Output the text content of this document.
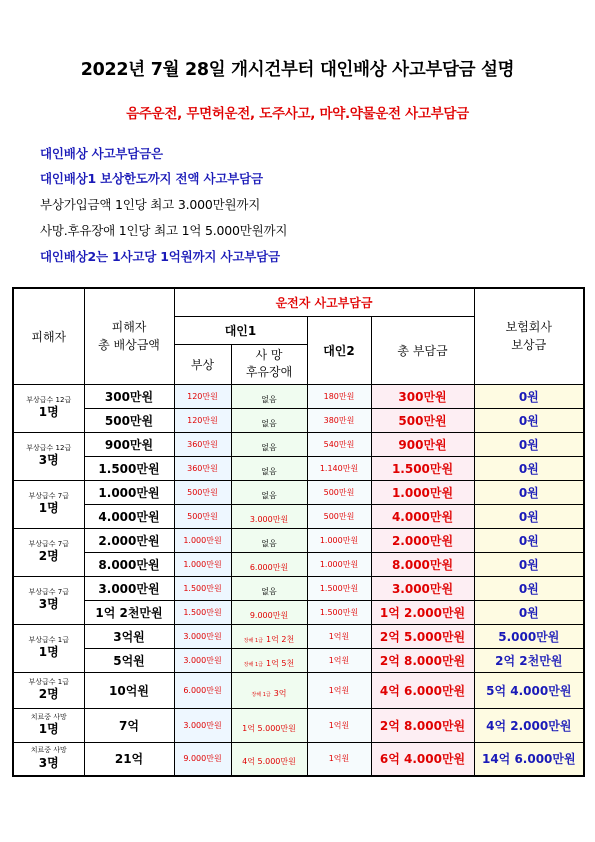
2022년 7월 28일 개시건부터 대인배상 사고부담금 설명
음주운전, 무면허운전, 도주사고, 마약.약물운전 사고부담금
대인배상 사고부담금은
대인배상1 보상한도까지 전액 사고부담금
부상가입금액 1인당 최고 3.000만원까지
사망.후유장애 1인당 최고 1억 5.000만원까지
대인배상2는 1사고당 1억원까지 사고부담금
피해자	피해자
총 배상금액	운전자 사고부담금				보험회사
보상금
		대인1		대인2	총 부담금	
		부상	사 망
후유장애			
부상급수 12급
1명	300만원	120만원	없음	180만원	300만원	0원
	500만원	120만원	없음	380만원	500만원	0원
부상급수 12급
3명	900만원	360만원	없음	540만원	900만원	0원
	1.500만원	360만원	없음	1.140만원	1.500만원	0원
부상급수 7급
1명	1.000만원	500만원	없음	500만원	1.000만원	0원
	4.000만원	500만원	3.000만원	500만원	4.000만원	0원
부상급수 7급
2명	2.000만원	1.000만원	없음	1.000만원	2.000만원	0원
	8.000만원	1.000만원	6.000만원	1.000만원	8.000만원	0원
부상급수 7급
3명	3.000만원	1.500만원	없음	1.500만원	3.000만원	0원
	1억 2천만원	1.500만원	9.000만원	1.500만원	1억 2.000만원	0원
부상급수 1급
1명	3억원	3.000만원	장해 1급 1억 2천	1억원	2억 5.000만원	5.000만원
	5억원	3.000만원	장해 1급 1억 5천	1억원	2억 8.000만원	2억 2천만원
부상급수 1급
2명	10억원	6.000만원	장해 1급 3억	1억원	4억 6.000만원	5억 4.000만원
치료중 사망
1명	7억	3.000만원	1억 5.000만원	1억원	2억 8.000만원	4억 2.000만원
치료중 사망
3명	21억	9.000만원	4억 5.000만원	1억원	6억 4.000만원	14억 6.000만원
